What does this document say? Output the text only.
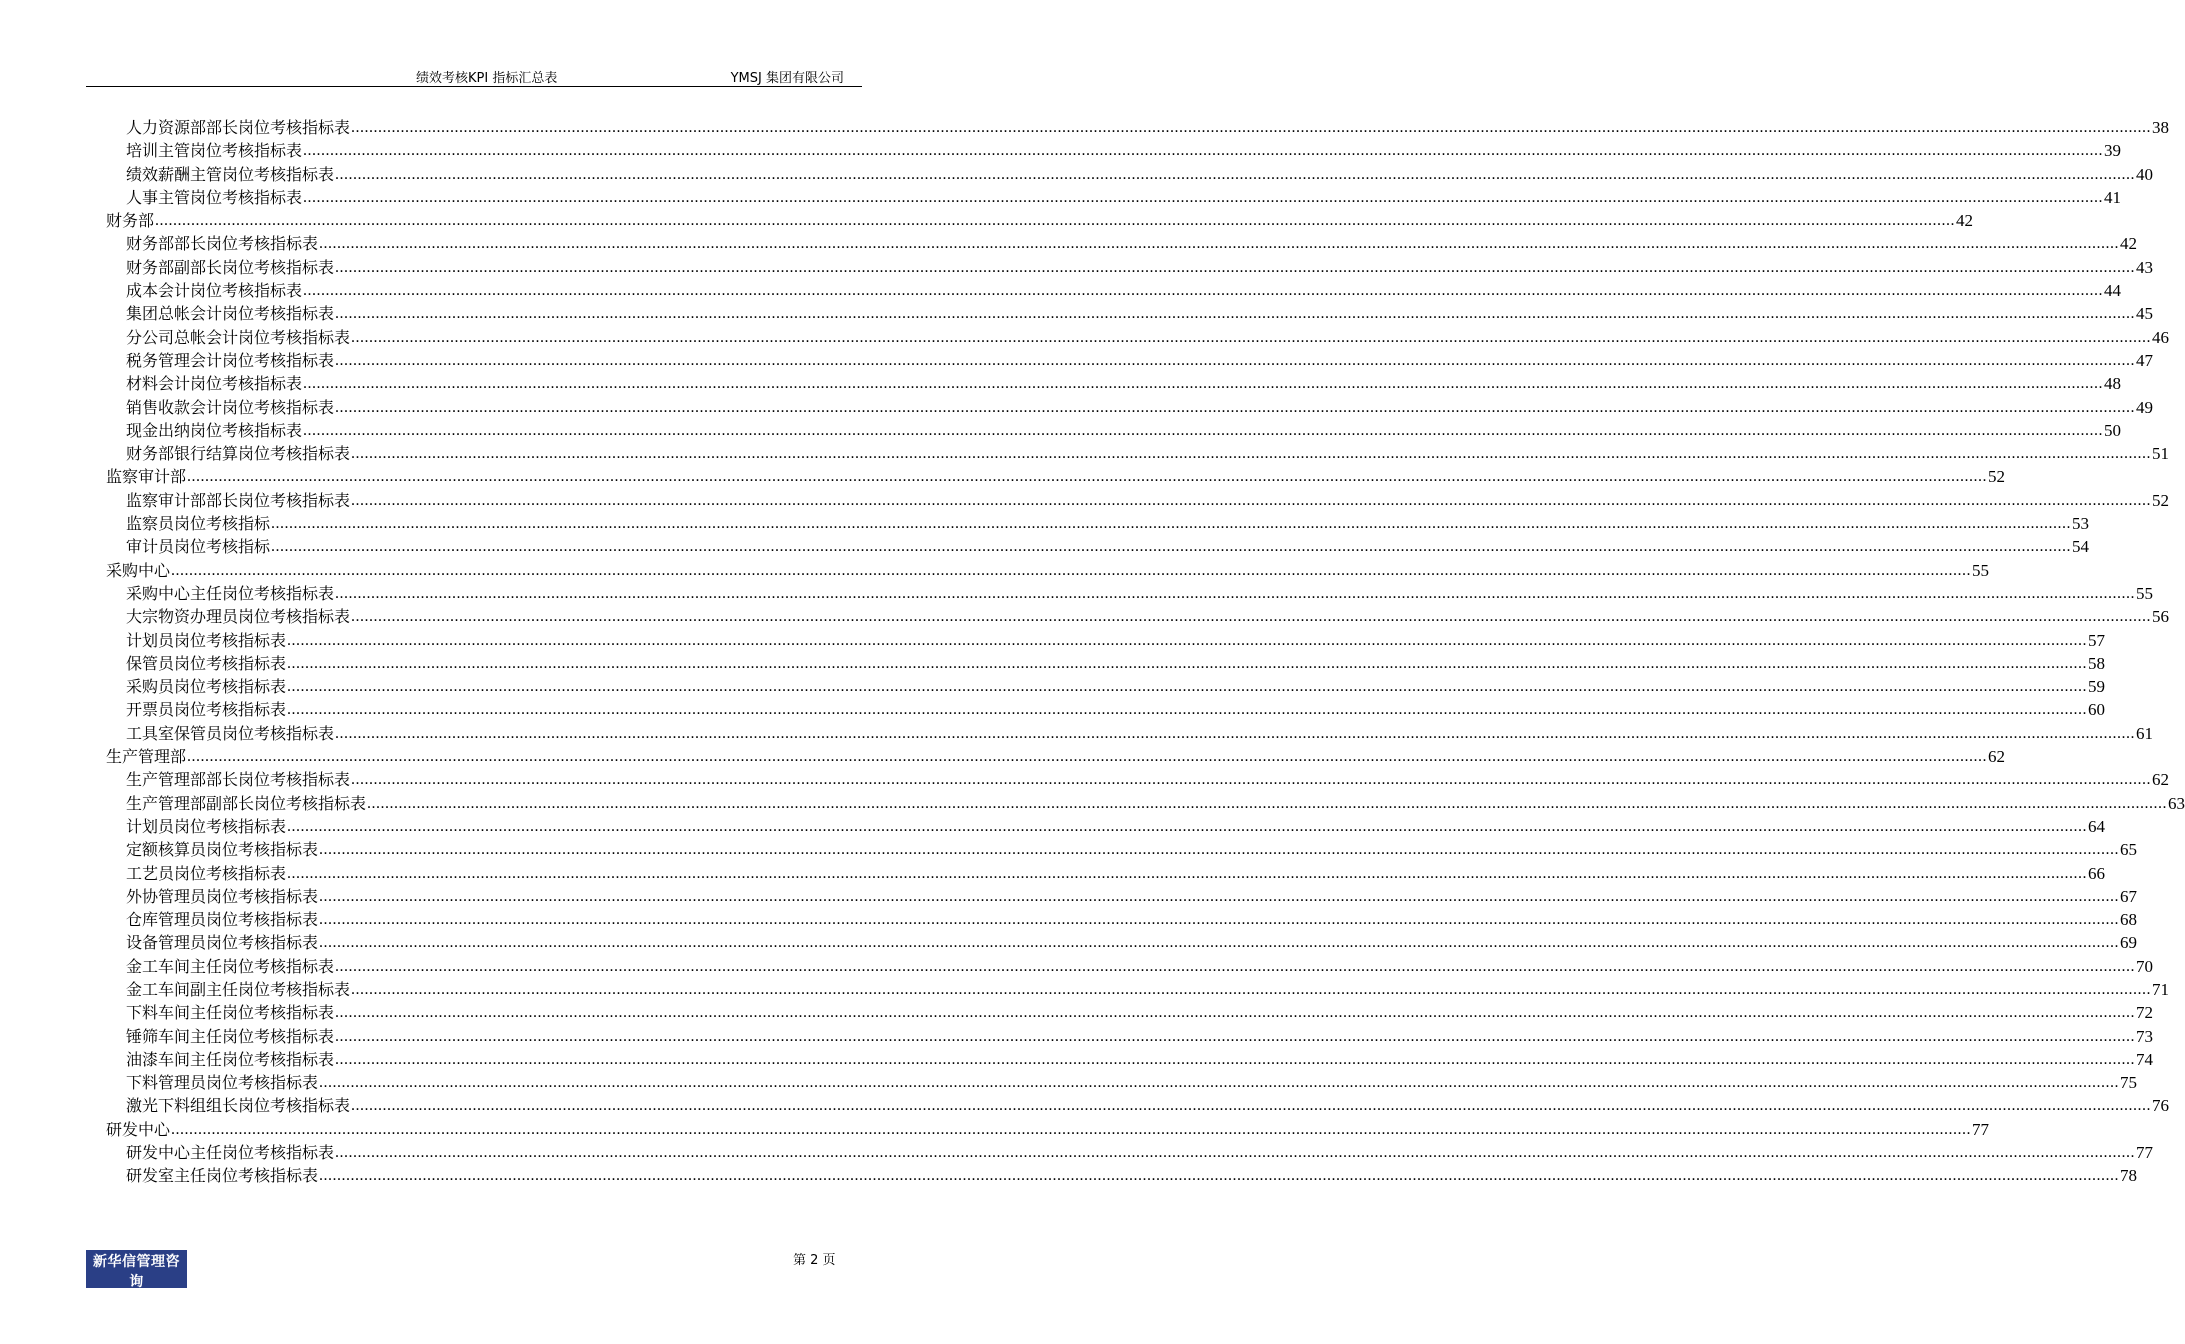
绩效考核KPI 指标汇总表	YMSJ 集团有限公司
人力资源部部长岗位考核指标表 ................................................................................................................................................................................................................................................................................................................................................................................................................ 38
培训主管岗位考核指标表 ................................................................................................................................................................................................................................................................................................................................................................................................................ 39
绩效薪酬主管岗位考核指标表 ................................................................................................................................................................................................................................................................................................................................................................................................................ 40
人事主管岗位考核指标表 ................................................................................................................................................................................................................................................................................................................................................................................................................ 41
财务部 ................................................................................................................................................................................................................................................................................................................................................................................................................ 42
财务部部长岗位考核指标表 ................................................................................................................................................................................................................................................................................................................................................................................................................ 42
财务部副部长岗位考核指标表 ................................................................................................................................................................................................................................................................................................................................................................................................................ 43
成本会计岗位考核指标表 ................................................................................................................................................................................................................................................................................................................................................................................................................ 44
集团总帐会计岗位考核指标表 ................................................................................................................................................................................................................................................................................................................................................................................................................ 45
分公司总帐会计岗位考核指标表 ................................................................................................................................................................................................................................................................................................................................................................................................................ 46
税务管理会计岗位考核指标表 ................................................................................................................................................................................................................................................................................................................................................................................................................ 47
材料会计岗位考核指标表 ................................................................................................................................................................................................................................................................................................................................................................................................................ 48
销售收款会计岗位考核指标表 ................................................................................................................................................................................................................................................................................................................................................................................................................ 49
现金出纳岗位考核指标表 ................................................................................................................................................................................................................................................................................................................................................................................................................ 50
财务部银行结算岗位考核指标表 ................................................................................................................................................................................................................................................................................................................................................................................................................ 51
监察审计部 ................................................................................................................................................................................................................................................................................................................................................................................................................ 52
监察审计部部长岗位考核指标表 ................................................................................................................................................................................................................................................................................................................................................................................................................ 52
监察员岗位考核指标 ................................................................................................................................................................................................................................................................................................................................................................................................................ 53
审计员岗位考核指标 ................................................................................................................................................................................................................................................................................................................................................................................................................ 54
采购中心 ................................................................................................................................................................................................................................................................................................................................................................................................................ 55
采购中心主任岗位考核指标表 ................................................................................................................................................................................................................................................................................................................................................................................................................ 55
大宗物资办理员岗位考核指标表 ................................................................................................................................................................................................................................................................................................................................................................................................................ 56
计划员岗位考核指标表 ................................................................................................................................................................................................................................................................................................................................................................................................................ 57
保管员岗位考核指标表 ................................................................................................................................................................................................................................................................................................................................................................................................................ 58
采购员岗位考核指标表 ................................................................................................................................................................................................................................................................................................................................................................................................................ 59
开票员岗位考核指标表 ................................................................................................................................................................................................................................................................................................................................................................................................................ 60
工具室保管员岗位考核指标表 ................................................................................................................................................................................................................................................................................................................................................................................................................ 61
生产管理部 ................................................................................................................................................................................................................................................................................................................................................................................................................ 62
生产管理部部长岗位考核指标表 ................................................................................................................................................................................................................................................................................................................................................................................................................ 62
生产管理部副部长岗位考核指标表 ................................................................................................................................................................................................................................................................................................................................................................................................................ 63
计划员岗位考核指标表 ................................................................................................................................................................................................................................................................................................................................................................................................................ 64
定额核算员岗位考核指标表 ................................................................................................................................................................................................................................................................................................................................................................................................................ 65
工艺员岗位考核指标表 ................................................................................................................................................................................................................................................................................................................................................................................................................ 66
外协管理员岗位考核指标表 ................................................................................................................................................................................................................................................................................................................................................................................................................ 67
仓库管理员岗位考核指标表 ................................................................................................................................................................................................................................................................................................................................................................................................................ 68
设备管理员岗位考核指标表 ................................................................................................................................................................................................................................................................................................................................................................................................................ 69
金工车间主任岗位考核指标表 ................................................................................................................................................................................................................................................................................................................................................................................................................ 70
金工车间副主任岗位考核指标表 ................................................................................................................................................................................................................................................................................................................................................................................................................ 71
下料车间主任岗位考核指标表 ................................................................................................................................................................................................................................................................................................................................................................................................................ 72
锤筛车间主任岗位考核指标表 ................................................................................................................................................................................................................................................................................................................................................................................................................ 73
油漆车间主任岗位考核指标表 ................................................................................................................................................................................................................................................................................................................................................................................................................ 74
下料管理员岗位考核指标表 ................................................................................................................................................................................................................................................................................................................................................................................................................ 75
激光下料组组长岗位考核指标表 ................................................................................................................................................................................................................................................................................................................................................................................................................ 76
研发中心 ................................................................................................................................................................................................................................................................................................................................................................................................................ 77
研发中心主任岗位考核指标表 ................................................................................................................................................................................................................................................................................................................................................................................................................ 77
研发室主任岗位考核指标表 ................................................................................................................................................................................................................................................................................................................................................................................................................ 78
新华信管理咨询
SINOTRUST
第 2 页
